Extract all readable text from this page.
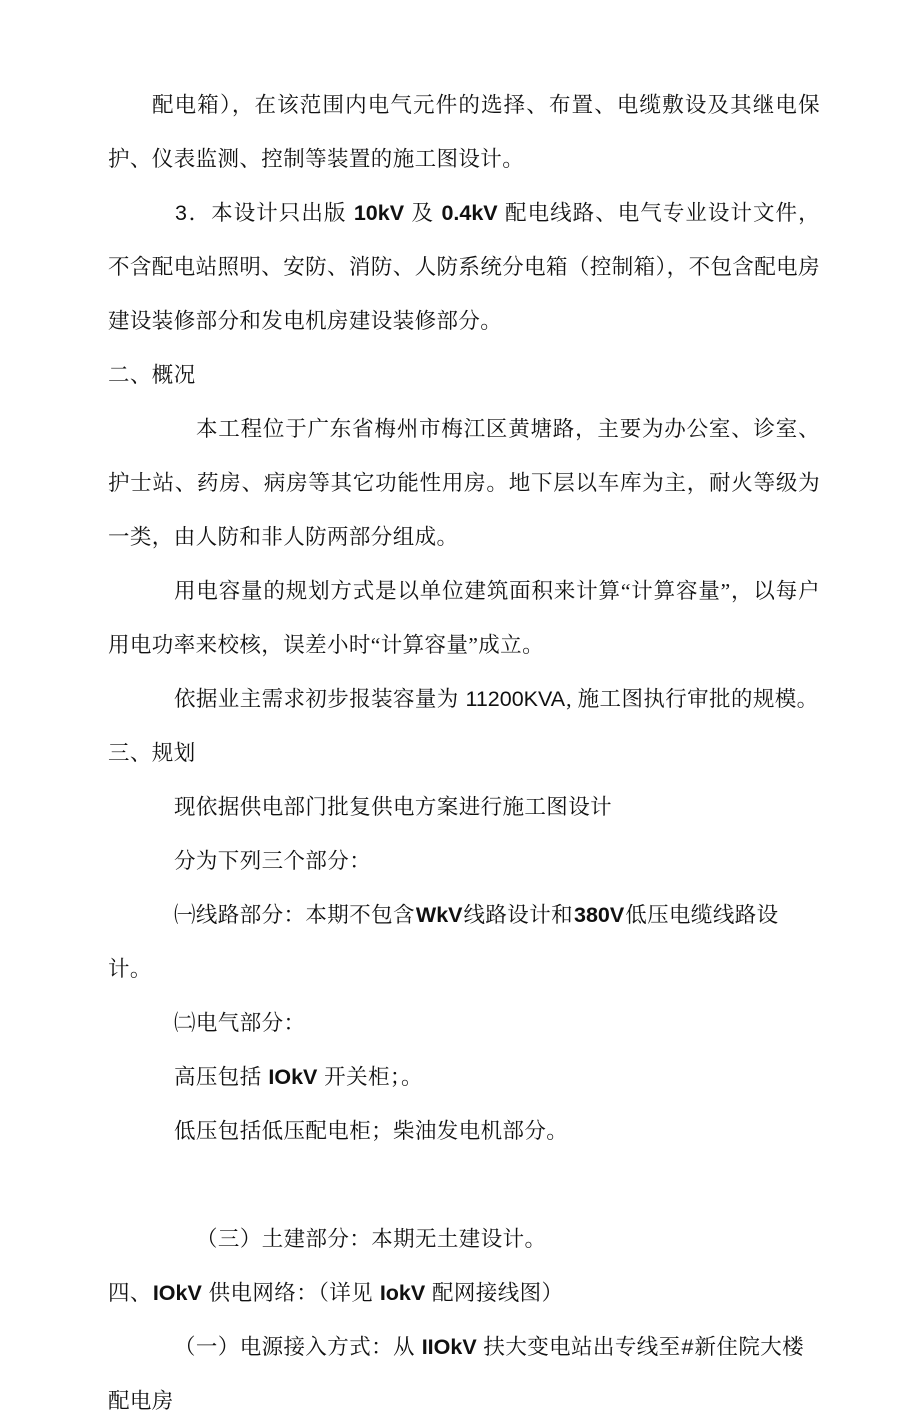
配电箱），在该范围内电气元件的选择、布置、电缆敷设及其继电保护、仪表监测、控制等装置的施工图设计。

3．本设计只出版 10kV 及 0.4kV 配电线路、电气专业设计文件，不含配电站照明、安防、消防、人防系统分电箱（控制箱），不包含配电房建设装修部分和发电机房建设装修部分。

二、概况

本工程位于广东省梅州市梅江区黄塘路，主要为办公室、诊室、护士站、药房、病房等其它功能性用房。地下层以车库为主，耐火等级为一类，由人防和非人防两部分组成。

用电容量的规划方式是以单位建筑面积来计算“计算容量”，以每户用电功率来校核，误差小时“计算容量”成立。

依据业主需求初步报装容量为 11200KVA, 施工图执行审批的规模。

三、规划

现依据供电部门批复供电方案进行施工图设计

分为下列三个部分：

㈠线路部分：本期不包含WkV线路设计和380V低压电缆线路设计。

㈡电气部分：

高压包括 IOkV 开关柜；。

低压包括低压配电柜；柴油发电机部分。

（三）土建部分：本期无土建设计。

四、IOkV 供电网络：（详见 IokV 配网接线图）

（一）电源接入方式：从 IIOkV 扶大变电站出专线至#新住院大楼配电房
